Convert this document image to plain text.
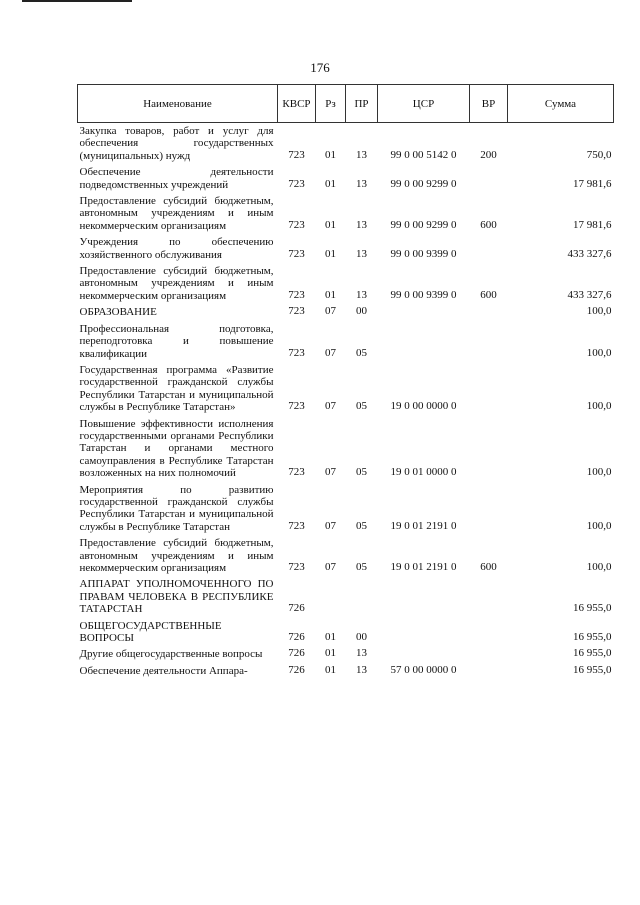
176
Наименование	КВСР	Рз	ПР	ЦСР	ВР	Сумма
Закупка товаров, работ и услуг для обеспечения государственных (муниципальных) нужд	723	01	13	99 0 00 5142 0	200	750,0
Обеспечение деятельности подведомственных учреждений	723	01	13	99 0 00 9299 0		17 981,6
Предоставление субсидий бюджетным, автономным учреждениям и иным некоммерческим организациям	723	01	13	99 0 00 9299 0	600	17 981,6
Учреждения по обеспечению хозяйственного обслуживания	723	01	13	99 0 00 9399 0		433 327,6
Предоставление субсидий бюджетным, автономным учреждениям и иным некоммерческим организациям	723	01	13	99 0 00 9399 0	600	433 327,6
ОБРАЗОВАНИЕ	723	07	00			100,0
Профессиональная подготовка, переподготовка и повышение квалификации	723	07	05			100,0
Государственная программа «Развитие государственной гражданской службы Республики Татарстан и муниципальной службы в Республике Татарстан»	723	07	05	19 0 00 0000 0		100,0
Повышение эффективности исполнения государственными органами Республики Татарстан и органами местного самоуправления в Республике Татарстан возложенных на них полномочий	723	07	05	19 0 01 0000 0		100,0
Мероприятия по развитию государственной гражданской службы Республики Татарстан и муниципальной службы в Республике Татарстан	723	07	05	19 0 01 2191 0		100,0
Предоставление субсидий бюджетным, автономным учреждениям и иным некоммерческим организациям	723	07	05	19 0 01 2191 0	600	100,0
АППАРАТ УПОЛНОМОЧЕННОГО ПО ПРАВАМ ЧЕЛОВЕКА В РЕСПУБЛИКЕ ТАТАРСТАН	726					16 955,0
ОБЩЕГОСУДАРСТВЕННЫЕ ВОПРОСЫ	726	01	00			16 955,0
Другие общегосударственные вопросы	726	01	13			16 955,0
Обеспечение деятельности Аппара-	726	01	13	57 0 00 0000 0		16 955,0
